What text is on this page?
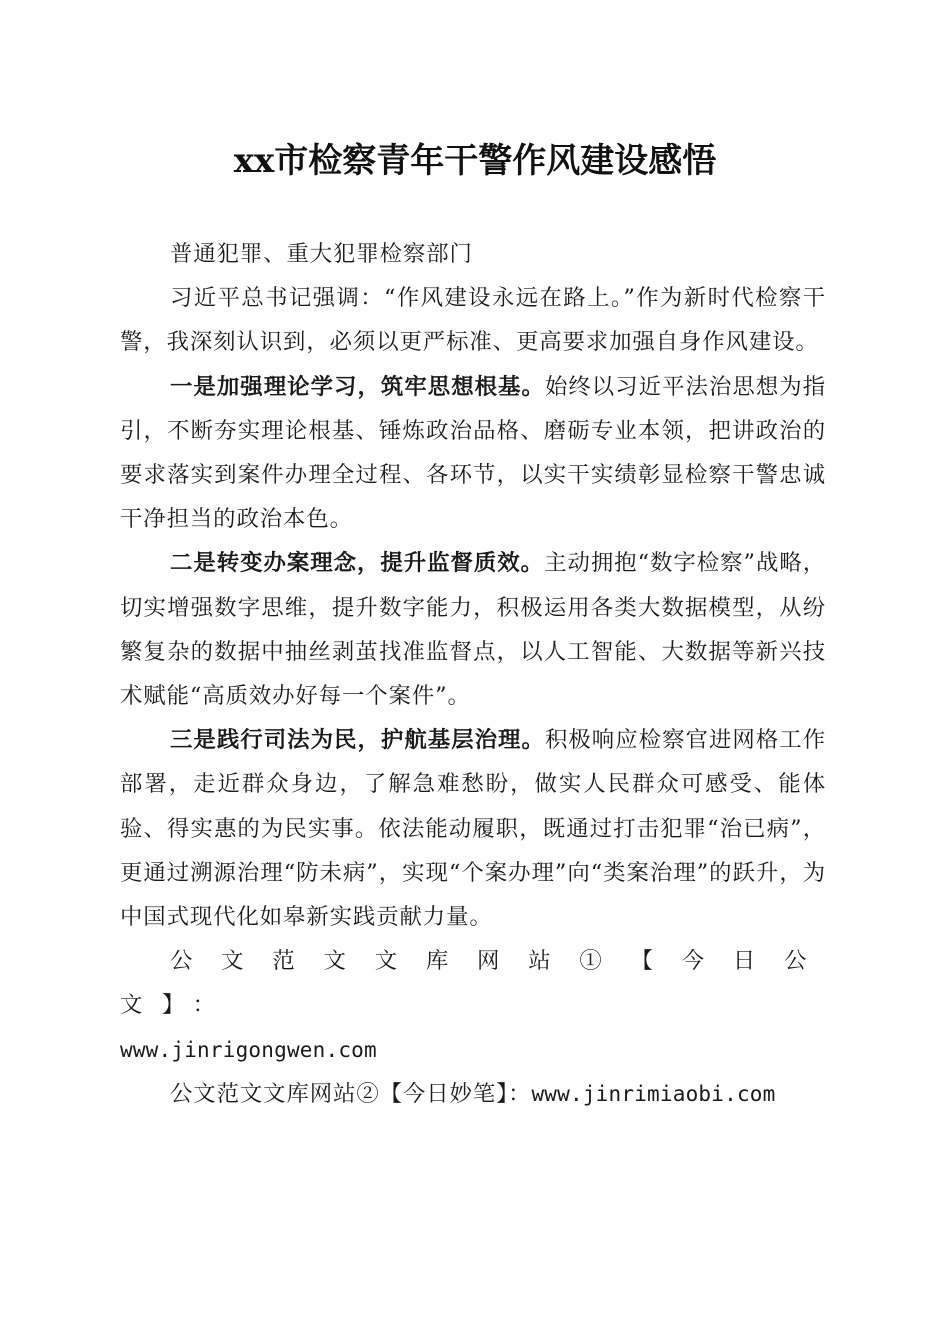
xx市检察青年干警作风建设感悟

普通犯罪、重大犯罪检察部门

习近平总书记强调：“作风建设永远在路上。”作为新时代检察干警，我深刻认识到，必须以更严标准、更高要求加强自身作风建设。

一是加强理论学习，筑牢思想根基。始终以习近平法治思想为指引，不断夯实理论根基、锤炼政治品格、磨砺专业本领，把讲政治的要求落实到案件办理全过程、各环节，以实干实绩彰显检察干警忠诚干净担当的政治本色。

二是转变办案理念，提升监督质效。主动拥抱“数字检察”战略，切实增强数字思维，提升数字能力，积极运用各类大数据模型，从纷繁复杂的数据中抽丝剥茧找准监督点，以人工智能、大数据等新兴技术赋能“高质效办好每一个案件”。

三是践行司法为民，护航基层治理。积极响应检察官进网格工作部署，走近群众身边，了解急难愁盼，做实人民群众可感受、能体验、得实惠的为民实事。依法能动履职，既通过打击犯罪“治已病”，更通过溯源治理“防未病”，实现“个案办理”向“类案治理”的跃升，为中国式现代化如皋新实践贡献力量。

公文范文文库网站①【今日公文】：
www.jinrigongwen.com

公文范文文库网站②【今日妙笔】：www.jinrimiaobi.com
